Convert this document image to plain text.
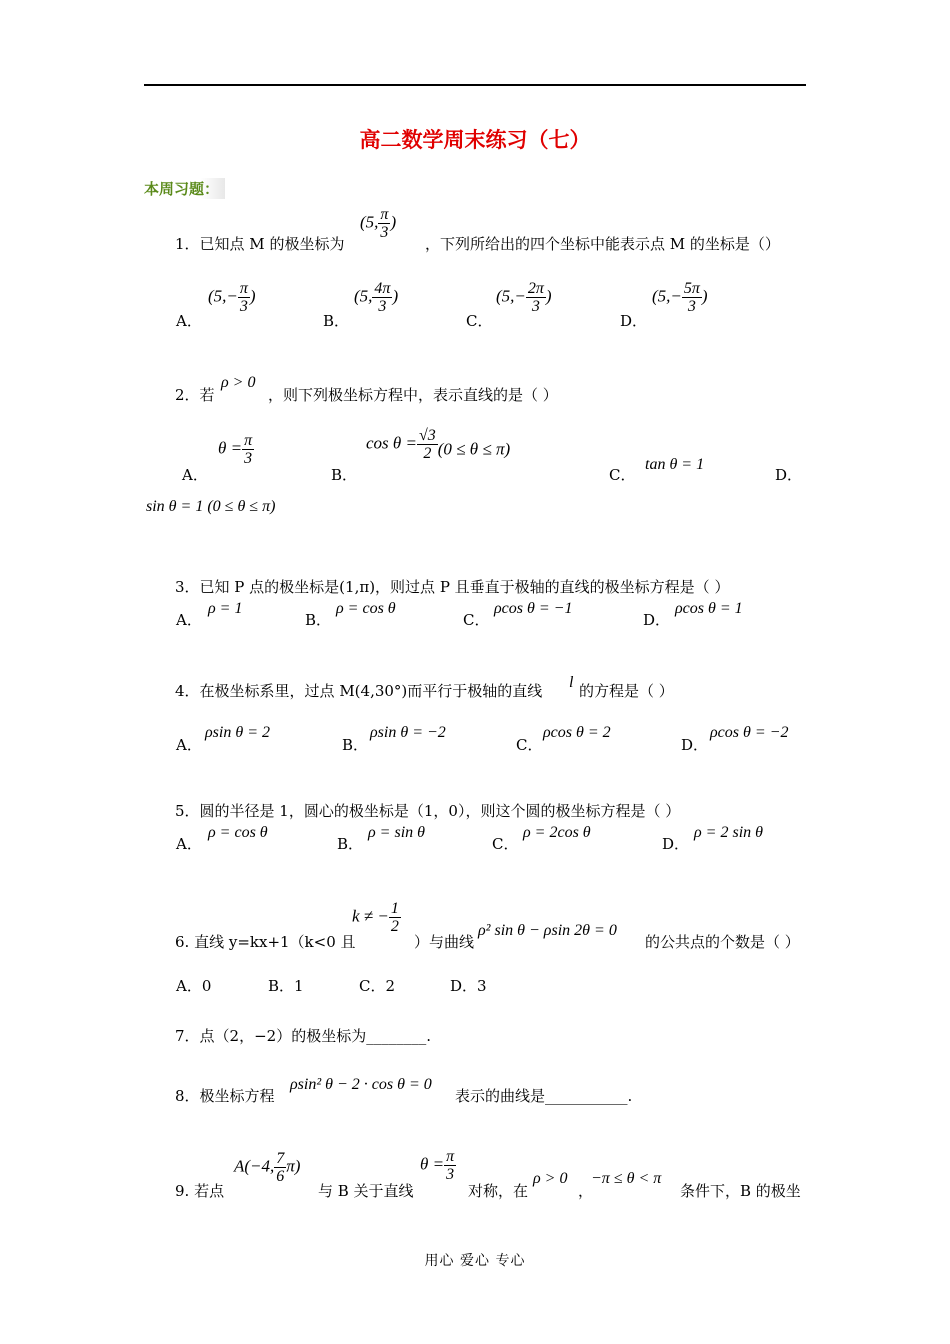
高二数学周末练习（七）
本周习题：
1．已知点 M 的极坐标为
(5, $\frac{\pi}{3}$ )
，下列所给出的四个坐标中能表示点 M 的坐标是（）
A．
($5,- \frac{\pi}{3}$ )
B．
(5, $\frac{4\pi}{3}$ )
C．
($5,- \frac{2\pi}{3}$ )
D．
($5,- \frac{5\pi}{3}$ )
2．若
ρ > 0
，则下列极坐标方程中，表示直线的是（ ）
A．
$\theta = \frac{\pi}{3}$
B．
$\cos \theta = \frac{√3}{2} (0 \le \theta \le \pi)$
C．
tan θ = 1
D．
sin θ = 1 (0 ≤ θ ≤ π)
3．已知 P 点的极坐标是(1,π)，则过点 P 且垂直于极轴的直线的极坐标方程是（ ）
A．
ρ = 1
B．
ρ = cos θ
C．
ρcos θ = −1
D．
ρcos θ = 1
4．在极坐标系里，过点 M(4,30°)而平行于极轴的直线 l 的方程是（ ）
A．
ρsin θ = 2
B．
ρsin θ = −2
C．
ρcos θ = 2
D．
ρcos θ = −2
5．圆的半径是 1，圆心的极坐标是（1，0），则这个圆的极坐标方程是（ ）
A．
ρ = cos θ
B．
ρ = sin θ
C．
ρ = 2cos θ
D．
ρ = 2 sin θ
6. 直线 y=kx+1（k<0 且
k ≠ − $\frac{1}{2}$
）与曲线
ρ² sin θ − ρsin 2θ = 0
的公共点的个数是（ ）
A．0	B．1	C．2	D．3
7．点（2，−2）的极坐标为________.
8．极坐标方程
ρsin² θ − 2 · cos θ = 0
表示的曲线是___________.
9. 若点
A(−4, $\frac{7}{6} \pi$)
与 B 关于直线
$\theta = \frac{\pi}{3}$
对称，在
ρ > 0
，
−π ≤ θ < π
条件下，B 的极坐
用心 爱心 专心
